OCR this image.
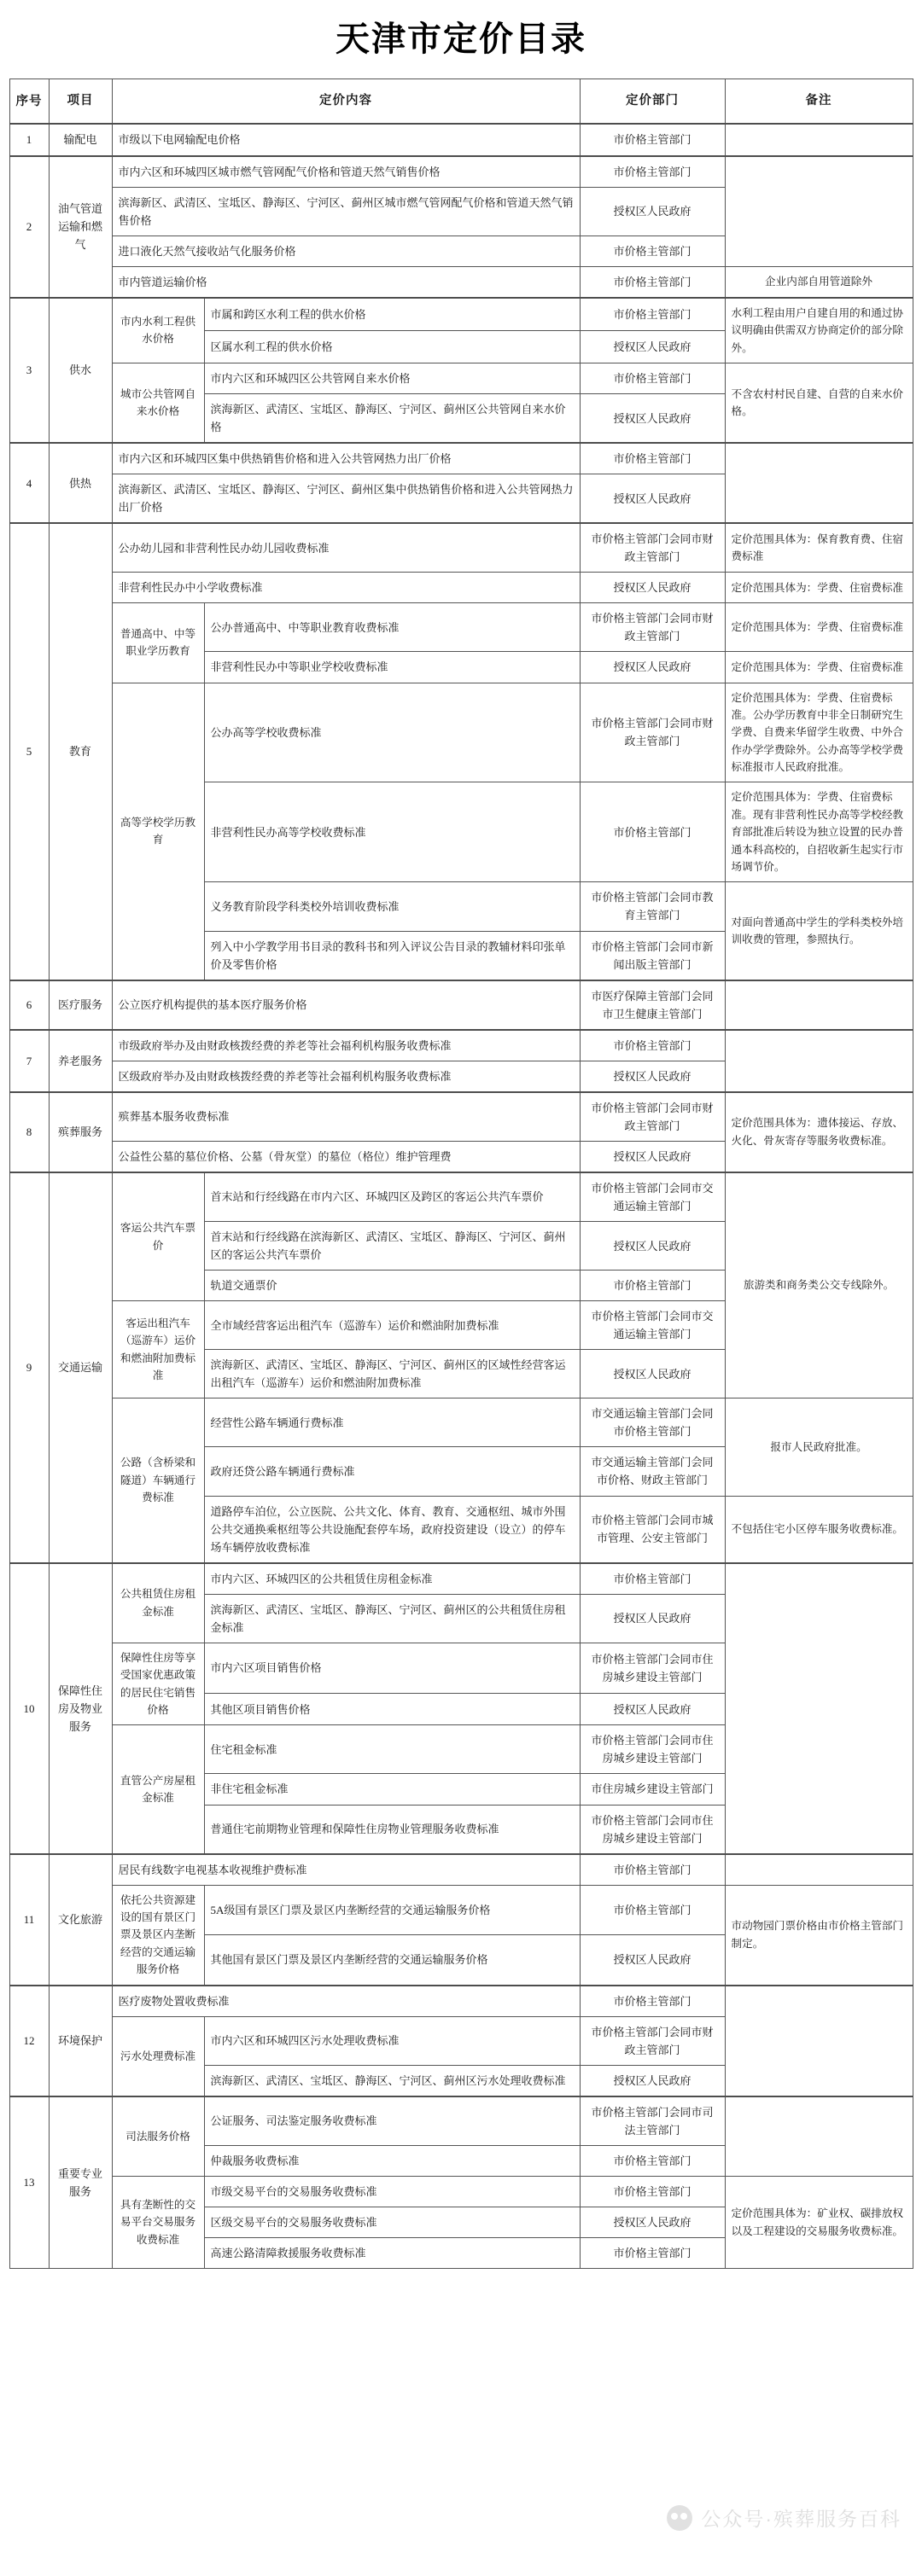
天津市定价目录
序号	项目	定价内容		定价部门	备注
1	输配电	市级以下电网输配电价格		市价格主管部门	
2	油气管道运输和燃气	市内六区和环城四区城市燃气管网配气价格和管道天然气销售价格		市价格主管部门	
		滨海新区、武清区、宝坻区、静海区、宁河区、蓟州区城市燃气管网配气价格和管道天然气销售价格		授权区人民政府	
		进口液化天然气接收站气化服务价格		市价格主管部门	
		市内管道运输价格		市价格主管部门	企业内部自用管道除外
3	供水	市内水利工程供水价格	市属和跨区水利工程的供水价格	市价格主管部门	水利工程由用户自建自用的和通过协议明确由供需双方协商定价的部分除外。
			区属水利工程的供水价格	授权区人民政府	
		城市公共管网自来水价格	市内六区和环城四区公共管网自来水价格	市价格主管部门	不含农村村民自建、自营的自来水价格。
			滨海新区、武清区、宝坻区、静海区、宁河区、蓟州区公共管网自来水价格	授权区人民政府	
4	供热	市内六区和环城四区集中供热销售价格和进入公共管网热力出厂价格		市价格主管部门	
		滨海新区、武清区、宝坻区、静海区、宁河区、蓟州区集中供热销售价格和进入公共管网热力出厂价格		授权区人民政府	
5	教育	公办幼儿园和非营利性民办幼儿园收费标准		市价格主管部门会同市财政主管部门	定价范围具体为：保育教育费、住宿费标准
		非营利性民办中小学收费标准		授权区人民政府	定价范围具体为：学费、住宿费标准
		普通高中、中等职业学历教育	公办普通高中、中等职业教育收费标准	市价格主管部门会同市财政主管部门	定价范围具体为：学费、住宿费标准
			非营利性民办中等职业学校收费标准	授权区人民政府	定价范围具体为：学费、住宿费标准
		高等学校学历教育	公办高等学校收费标准	市价格主管部门会同市财政主管部门	定价范围具体为：学费、住宿费标准。公办学历教育中非全日制研究生学费、自费来华留学生收费、中外合作办学学费除外。公办高等学校学费标准报市人民政府批准。
			非营利性民办高等学校收费标准	市价格主管部门	定价范围具体为：学费、住宿费标准。现有非营利性民办高等学校经教育部批准后转设为独立设置的民办普通本科高校的，自招收新生起实行市场调节价。
			义务教育阶段学科类校外培训收费标准	市价格主管部门会同市教育主管部门	对面向普通高中学生的学科类校外培训收费的管理，参照执行。
			列入中小学教学用书目录的教科书和列入评议公告目录的教辅材料印张单价及零售价格	市价格主管部门会同市新闻出版主管部门	
6	医疗服务	公立医疗机构提供的基本医疗服务价格		市医疗保障主管部门会同市卫生健康主管部门	
7	养老服务	市级政府举办及由财政核拨经费的养老等社会福利机构服务收费标准		市价格主管部门	
		区级政府举办及由财政核拨经费的养老等社会福利机构服务收费标准		授权区人民政府	
8	殡葬服务	殡葬基本服务收费标准		市价格主管部门会同市财政主管部门	定价范围具体为：遗体接运、存放、火化、骨灰寄存等服务收费标准。
		公益性公墓的墓位价格、公墓（骨灰堂）的墓位（格位）维护管理费		授权区人民政府	
9	交通运输	客运公共汽车票价	首末站和行经线路在市内六区、环城四区及跨区的客运公共汽车票价	市价格主管部门会同市交通运输主管部门	旅游类和商务类公交专线除外。
			首末站和行经线路在滨海新区、武清区、宝坻区、静海区、宁河区、蓟州区的客运公共汽车票价	授权区人民政府	
			轨道交通票价	市价格主管部门	
		客运出租汽车（巡游车）运价和燃油附加费标准	全市域经营客运出租汽车（巡游车）运价和燃油附加费标准	市价格主管部门会同市交通运输主管部门	
			滨海新区、武清区、宝坻区、静海区、宁河区、蓟州区的区域性经营客运出租汽车（巡游车）运价和燃油附加费标准	授权区人民政府	
		公路（含桥梁和隧道）车辆通行费标准	经营性公路车辆通行费标准	市交通运输主管部门会同市价格主管部门	报市人民政府批准。
			政府还贷公路车辆通行费标准	市交通运输主管部门会同市价格、财政主管部门	
			道路停车泊位，公立医院、公共文化、体育、教育、交通枢纽、城市外围公共交通换乘枢纽等公共设施配套停车场，政府投资建设（设立）的停车场车辆停放收费标准	市价格主管部门会同市城市管理、公安主管部门	不包括住宅小区停车服务收费标准。
10	保障性住房及物业服务	公共租赁住房租金标准	市内六区、环城四区的公共租赁住房租金标准	市价格主管部门	
			滨海新区、武清区、宝坻区、静海区、宁河区、蓟州区的公共租赁住房租金标准	授权区人民政府	
		保障性住房等享受国家优惠政策的居民住宅销售价格	市内六区项目销售价格	市价格主管部门会同市住房城乡建设主管部门	
			其他区项目销售价格	授权区人民政府	
		直管公产房屋租金标准	住宅租金标准	市价格主管部门会同市住房城乡建设主管部门	
			非住宅租金标准	市住房城乡建设主管部门	
			普通住宅前期物业管理和保障性住房物业管理服务收费标准	市价格主管部门会同市住房城乡建设主管部门	
11	文化旅游	居民有线数字电视基本收视维护费标准		市价格主管部门	
		依托公共资源建设的国有景区门票及景区内垄断经营的交通运输服务价格	5A级国有景区门票及景区内垄断经营的交通运输服务价格	市价格主管部门	市动物园门票价格由市价格主管部门制定。
			其他国有景区门票及景区内垄断经营的交通运输服务价格	授权区人民政府	
12	环境保护	医疗废物处置收费标准		市价格主管部门	
		污水处理费标准	市内六区和环城四区污水处理收费标准	市价格主管部门会同市财政主管部门	
			滨海新区、武清区、宝坻区、静海区、宁河区、蓟州区污水处理收费标准	授权区人民政府	
13	重要专业服务	司法服务价格	公证服务、司法鉴定服务收费标准	市价格主管部门会同市司法主管部门	
			仲裁服务收费标准	市价格主管部门	
		具有垄断性的交易平台交易服务收费标准	市级交易平台的交易服务收费标准	市价格主管部门	定价范围具体为：矿业权、碳排放权以及工程建设的交易服务收费标准。
			区级交易平台的交易服务收费标准	授权区人民政府	
			高速公路清障救援服务收费标准	市价格主管部门	
公众号·殡葬服务百科
